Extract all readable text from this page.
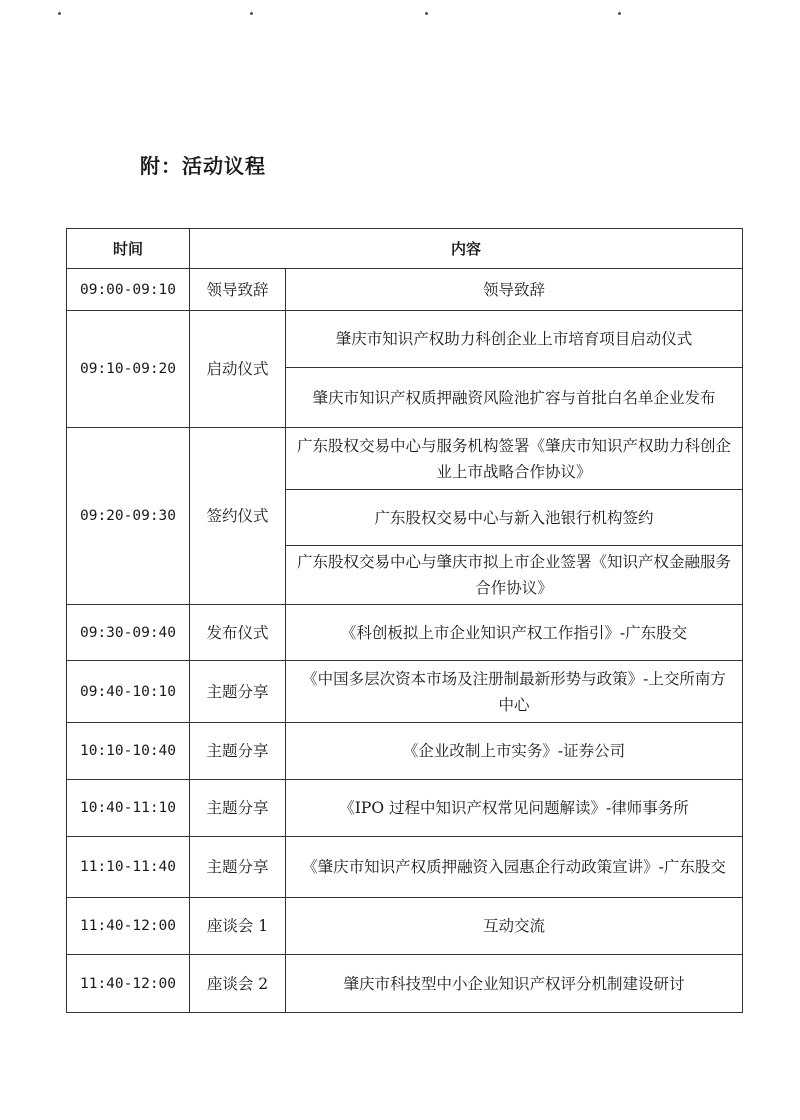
附：活动议程
时间	内容	
09:00-09:10	领导致辞	领导致辞
09:10-09:20	启动仪式	肇庆市知识产权助力科创企业上市培育项目启动仪式
		肇庆市知识产权质押融资风险池扩容与首批白名单企业发布
09:20-09:30	签约仪式	广东股权交易中心与服务机构签署《肇庆市知识产权助力科创企业上市战略合作协议》
		广东股权交易中心与新入池银行机构签约
		广东股权交易中心与肇庆市拟上市企业签署《知识产权金融服务合作协议》
09:30-09:40	发布仪式	《科创板拟上市企业知识产权工作指引》-广东股交
09:40-10:10	主题分享	《中国多层次资本市场及注册制最新形势与政策》-上交所南方中心
10:10-10:40	主题分享	《企业改制上市实务》-证券公司
10:40-11:10	主题分享	《IPO 过程中知识产权常见问题解读》-律师事务所
11:10-11:40	主题分享	《肇庆市知识产权质押融资入园惠企行动政策宣讲》-广东股交
11:40-12:00	座谈会 1	互动交流
11:40-12:00	座谈会 2	肇庆市科技型中小企业知识产权评分机制建设研讨
